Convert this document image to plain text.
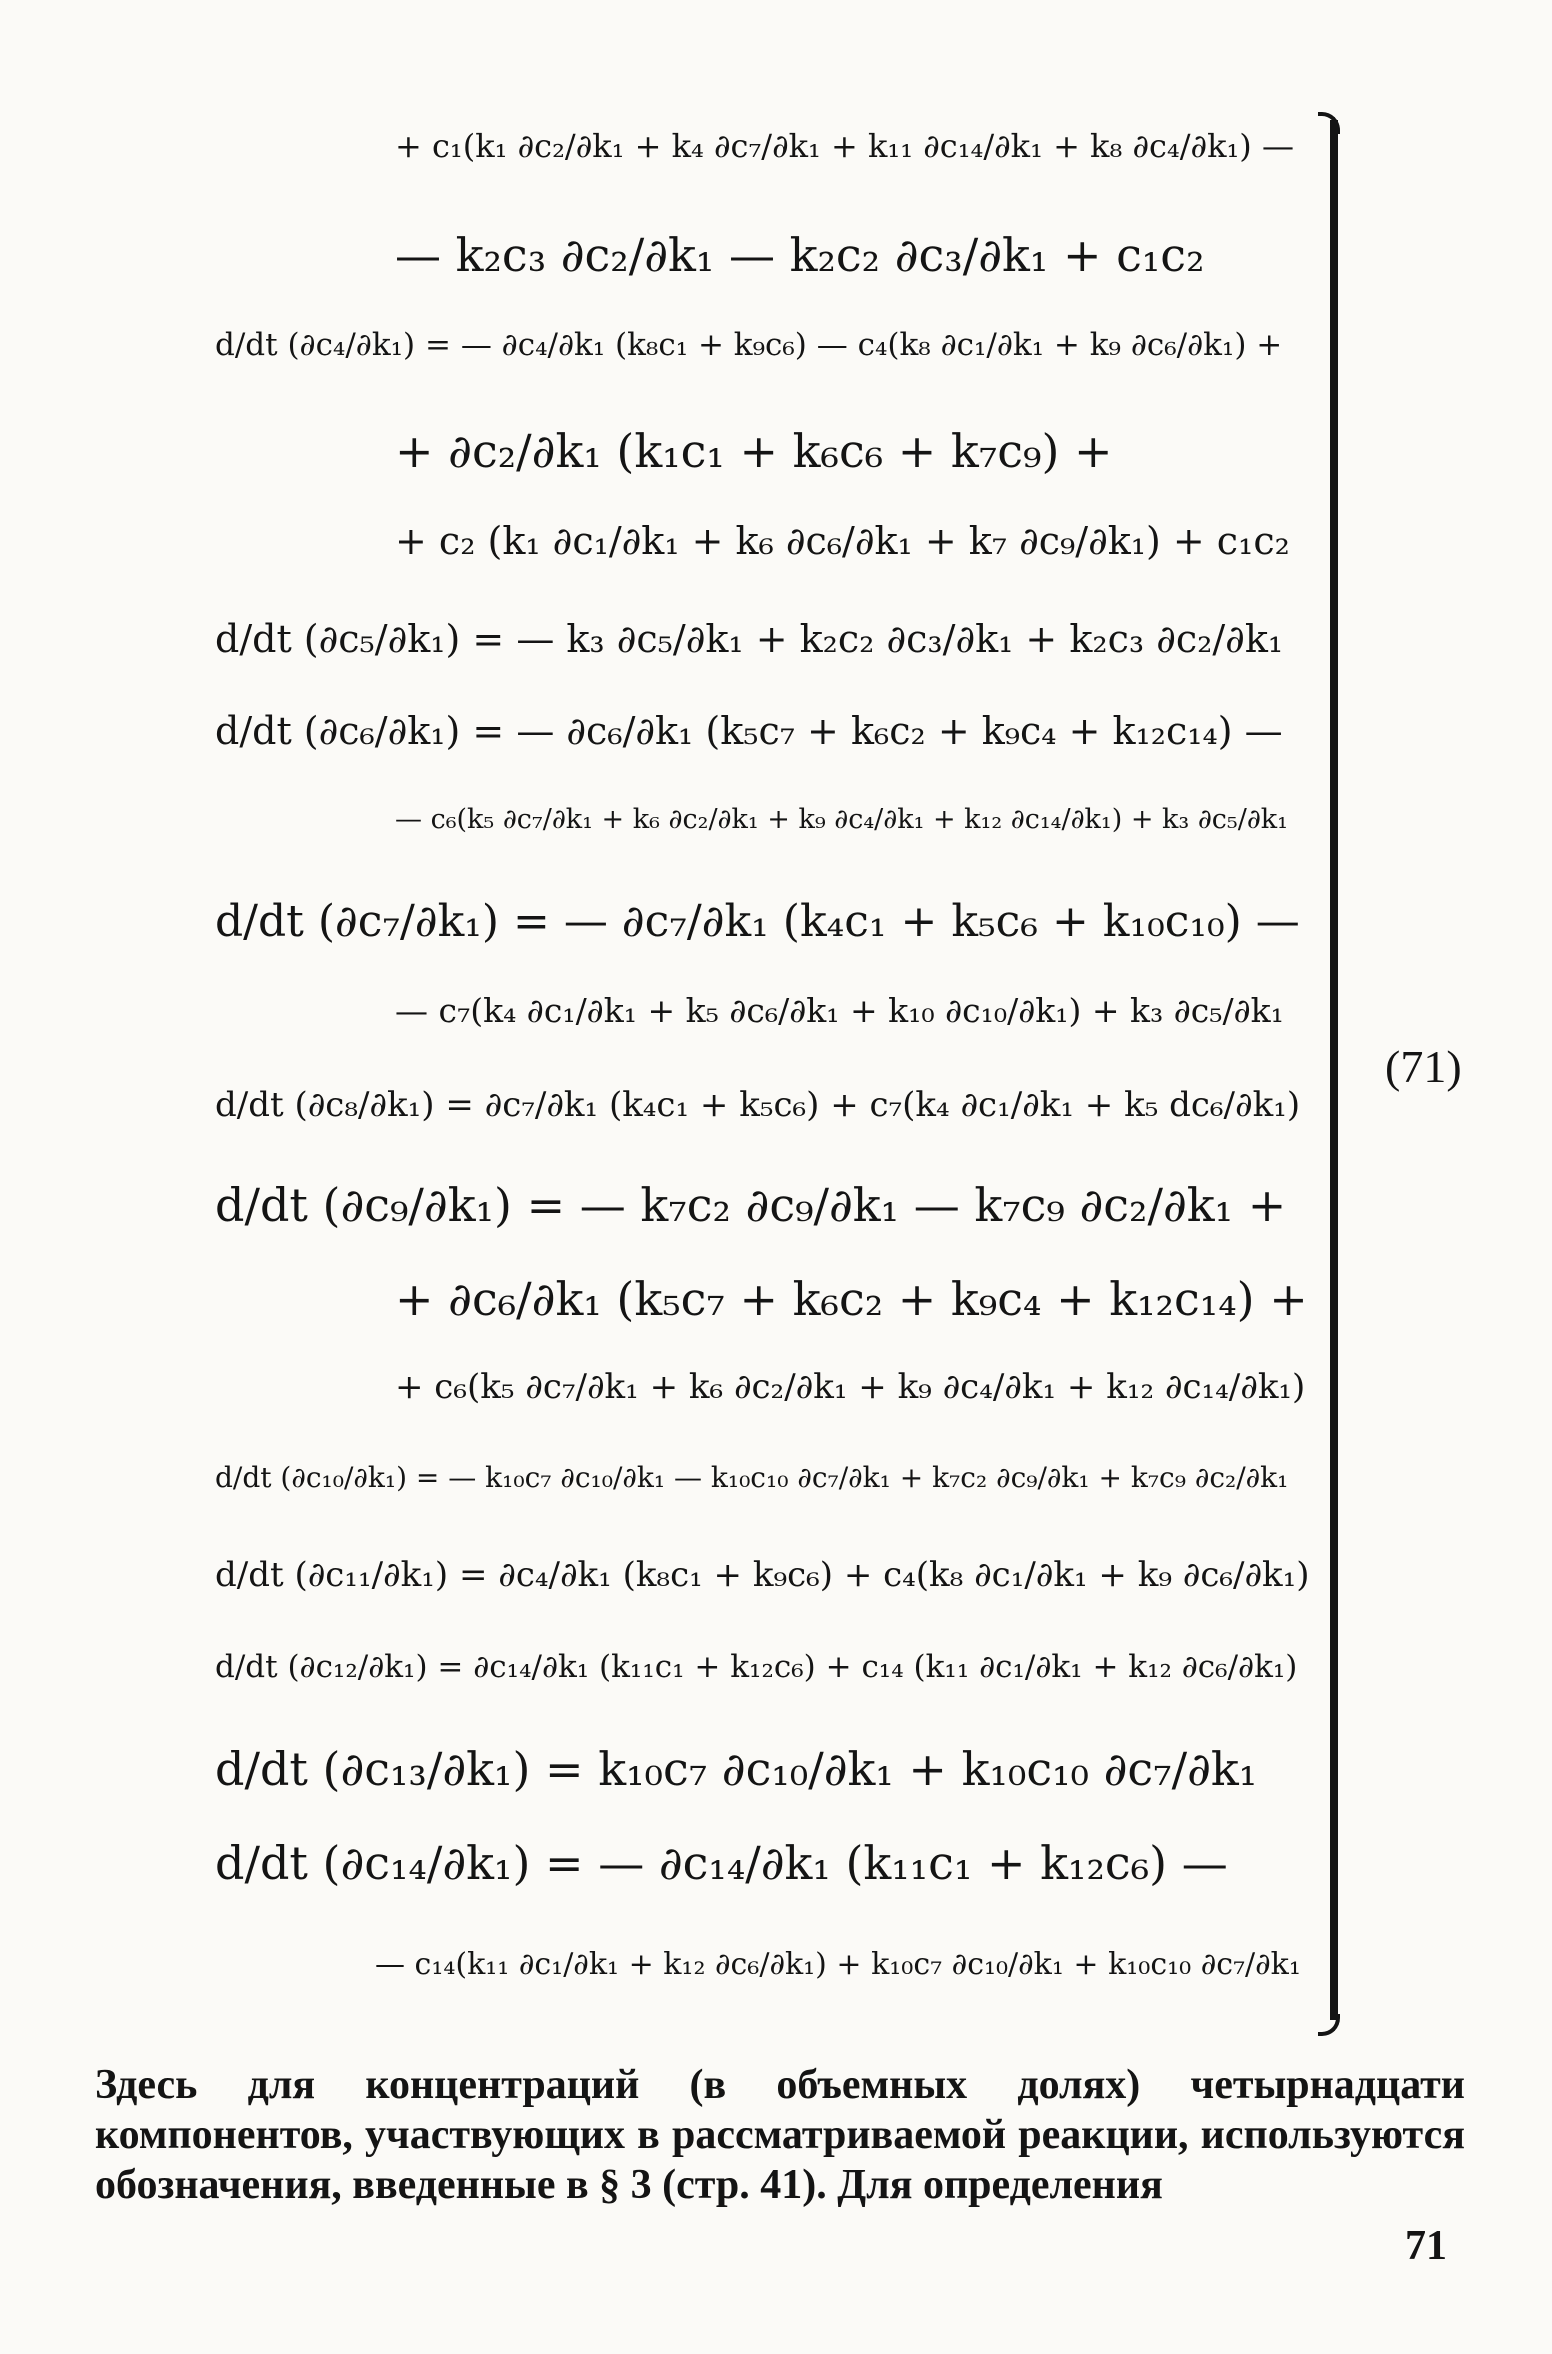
+ c₁(k₁ ∂c₂/∂k₁ + k₄ ∂c₇/∂k₁ + k₁₁ ∂c₁₄/∂k₁ + k₈ ∂c₄/∂k₁) —
— k₂c₃ ∂c₂/∂k₁ — k₂c₂ ∂c₃/∂k₁ + c₁c₂
d/dt (∂c₄/∂k₁) = — ∂c₄/∂k₁ (k₈c₁ + k₉c₆) — c₄(k₈ ∂c₁/∂k₁ + k₉ ∂c₆/∂k₁) +
+ ∂c₂/∂k₁ (k₁c₁ + k₆c₆ + k₇c₉) +
+ c₂ (k₁ ∂c₁/∂k₁ + k₆ ∂c₆/∂k₁ + k₇ ∂c₉/∂k₁) + c₁c₂
d/dt (∂c₅/∂k₁) = — k₃ ∂c₅/∂k₁ + k₂c₂ ∂c₃/∂k₁ + k₂c₃ ∂c₂/∂k₁
d/dt (∂c₆/∂k₁) = — ∂c₆/∂k₁ (k₅c₇ + k₆c₂ + k₉c₄ + k₁₂c₁₄) —
— c₆(k₅ ∂c₇/∂k₁ + k₆ ∂c₂/∂k₁ + k₉ ∂c₄/∂k₁ + k₁₂ ∂c₁₄/∂k₁) + k₃ ∂c₅/∂k₁
d/dt (∂c₇/∂k₁) = — ∂c₇/∂k₁ (k₄c₁ + k₅c₆ + k₁₀c₁₀) —
— c₇(k₄ ∂c₁/∂k₁ + k₅ ∂c₆/∂k₁ + k₁₀ ∂c₁₀/∂k₁) + k₃ ∂c₅/∂k₁
d/dt (∂c₈/∂k₁) = ∂c₇/∂k₁ (k₄c₁ + k₅c₆) + c₇(k₄ ∂c₁/∂k₁ + k₅ dc₆/∂k₁)
d/dt (∂c₉/∂k₁) = — k₇c₂ ∂c₉/∂k₁ — k₇c₉ ∂c₂/∂k₁ +
+ ∂c₆/∂k₁ (k₅c₇ + k₆c₂ + k₉c₄ + k₁₂c₁₄) +
+ c₆(k₅ ∂c₇/∂k₁ + k₆ ∂c₂/∂k₁ + k₉ ∂c₄/∂k₁ + k₁₂ ∂c₁₄/∂k₁)
d/dt (∂c₁₀/∂k₁) = — k₁₀c₇ ∂c₁₀/∂k₁ — k₁₀c₁₀ ∂c₇/∂k₁ + k₇c₂ ∂c₉/∂k₁ + k₇c₉ ∂c₂/∂k₁
d/dt (∂c₁₁/∂k₁) = ∂c₄/∂k₁ (k₈c₁ + k₉c₆) + c₄(k₈ ∂c₁/∂k₁ + k₉ ∂c₆/∂k₁)
d/dt (∂c₁₂/∂k₁) = ∂c₁₄/∂k₁ (k₁₁c₁ + k₁₂c₆) + c₁₄ (k₁₁ ∂c₁/∂k₁ + k₁₂ ∂c₆/∂k₁)
d/dt (∂c₁₃/∂k₁) = k₁₀c₇ ∂c₁₀/∂k₁ + k₁₀c₁₀ ∂c₇/∂k₁
d/dt (∂c₁₄/∂k₁) = — ∂c₁₄/∂k₁ (k₁₁c₁ + k₁₂c₆) —
— c₁₄(k₁₁ ∂c₁/∂k₁ + k₁₂ ∂c₆/∂k₁) + k₁₀c₇ ∂c₁₀/∂k₁ + k₁₀c₁₀ ∂c₇/∂k₁
(71)
Здесь для концентраций (в объемных долях) четырнадцати компонентов, участвующих в рассматриваемой реакции, используются обозначения, введенные в § 3 (стр. 41). Для определения
71
